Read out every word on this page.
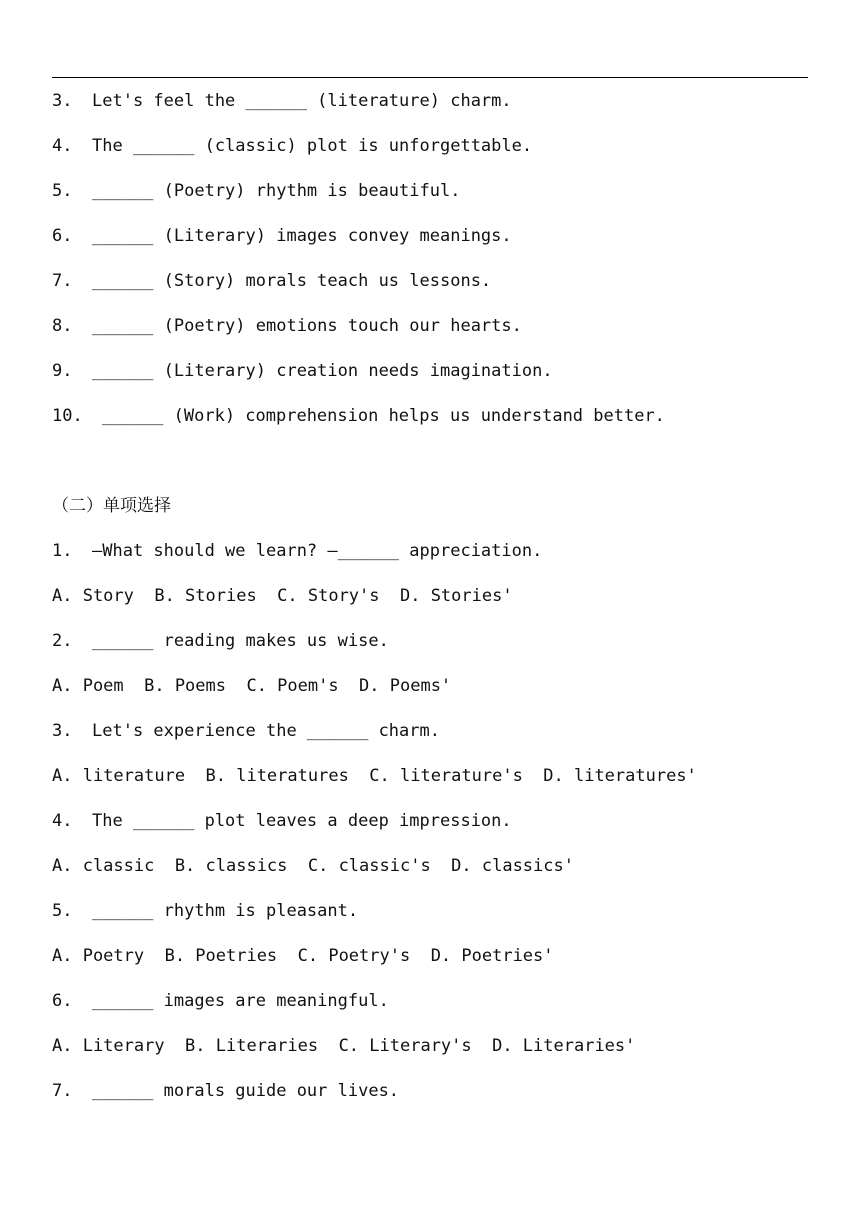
3. Let's feel the ______ (literature) charm.
4. The ______ (classic) plot is unforgettable.
5. ______ (Poetry) rhythm is beautiful.
6. ______ (Literary) images convey meanings.
7. ______ (Story) morals teach us lessons.
8. ______ (Poetry) emotions touch our hearts.
9. ______ (Literary) creation needs imagination.
10. ______ (Work) comprehension helps us understand better.
（二）单项选择
1. —What should we learn? —______ appreciation.
A. Story  B. Stories  C. Story's  D. Stories'
2. ______ reading makes us wise.
A. Poem  B. Poems  C. Poem's  D. Poems'
3. Let's experience the ______ charm.
A. literature  B. literatures  C. literature's  D. literatures'
4. The ______ plot leaves a deep impression.
A. classic  B. classics  C. classic's  D. classics'
5. ______ rhythm is pleasant.
A. Poetry  B. Poetries  C. Poetry's  D. Poetries'
6. ______ images are meaningful.
A. Literary  B. Literaries  C. Literary's  D. Literaries'
7. ______ morals guide our lives.
